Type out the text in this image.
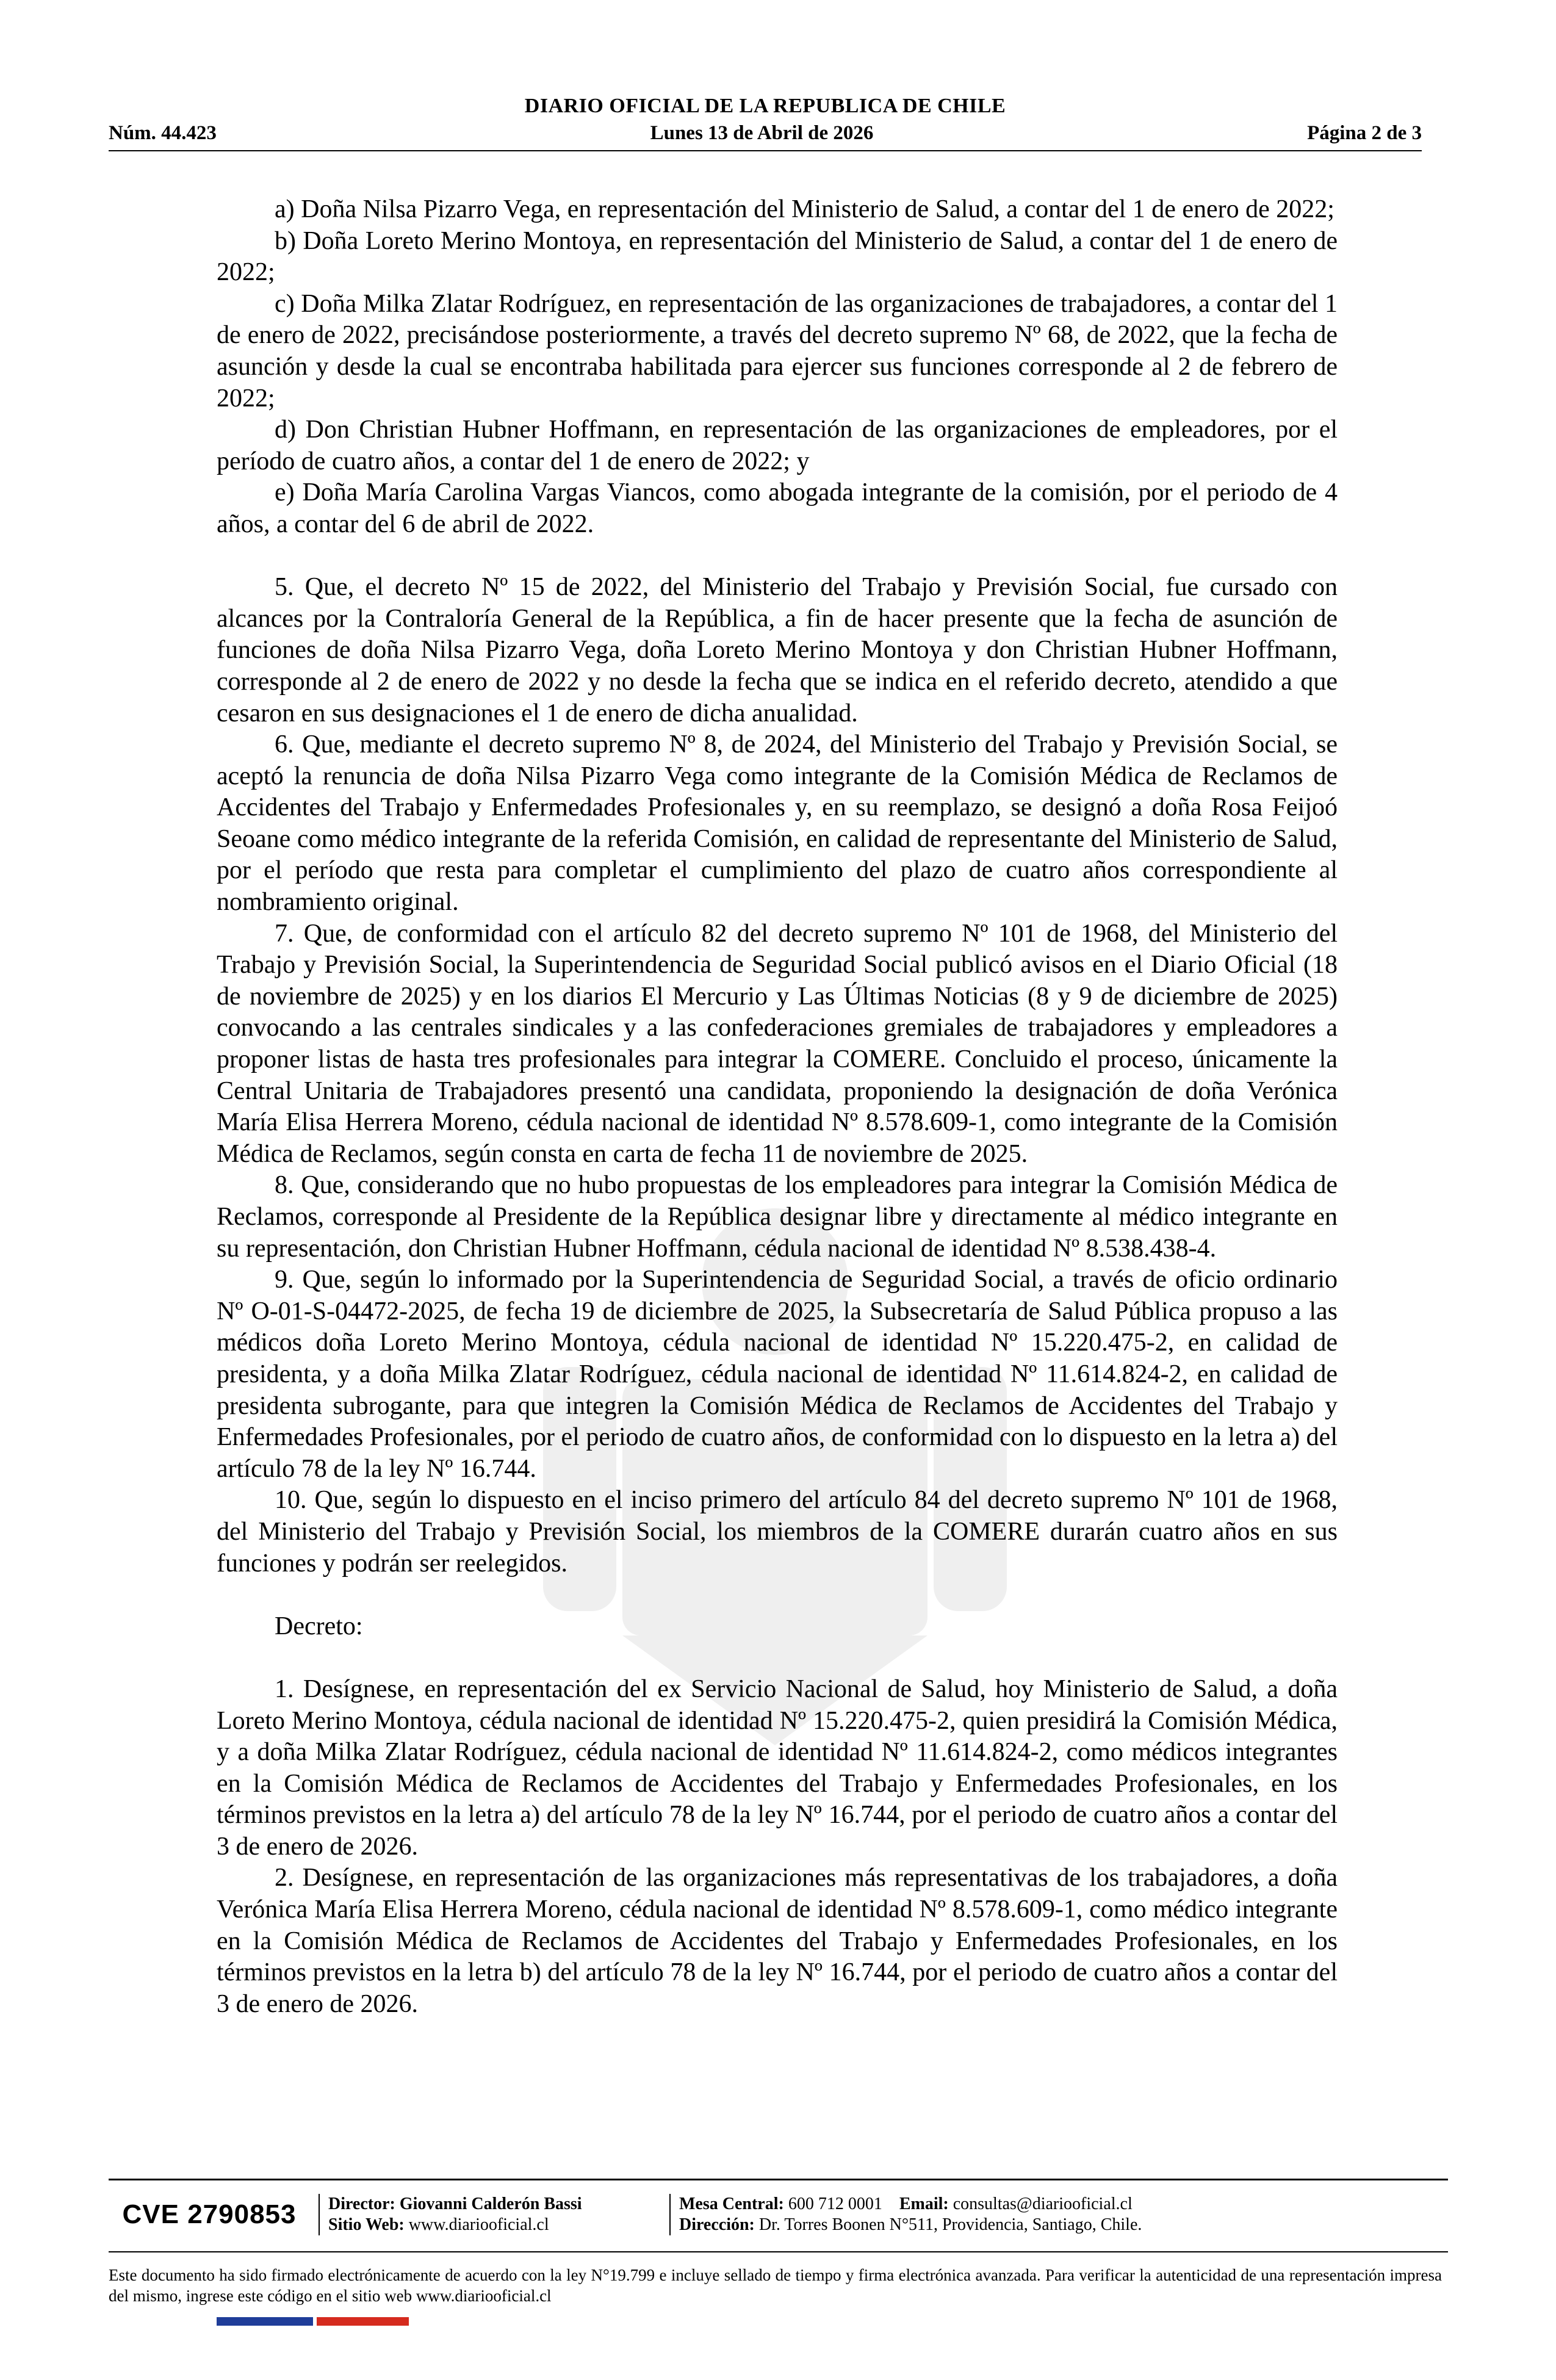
DIARIO OFICIAL DE LA REPUBLICA DE CHILE
Núm. 44.423	Lunes 13 de Abril de 2026	Página 2 de 3

a) Doña Nilsa Pizarro Vega, en representación del Ministerio de Salud, a contar del 1 de enero de 2022;

b) Doña Loreto Merino Montoya, en representación del Ministerio de Salud, a contar del 1 de enero de 2022;

c) Doña Milka Zlatar Rodríguez, en representación de las organizaciones de trabajadores, a contar del 1 de enero de 2022, precisándose posteriormente, a través del decreto supremo Nº 68, de 2022, que la fecha de asunción y desde la cual se encontraba habilitada para ejercer sus funciones corresponde al 2 de febrero de 2022;

d) Don Christian Hubner Hoffmann, en representación de las organizaciones de empleadores, por el período de cuatro años, a contar del 1 de enero de 2022; y

e) Doña María Carolina Vargas Viancos, como abogada integrante de la comisión, por el periodo de 4 años, a contar del 6 de abril de 2022.

5. Que, el decreto Nº 15 de 2022, del Ministerio del Trabajo y Previsión Social, fue cursado con alcances por la Contraloría General de la República, a fin de hacer presente que la fecha de asunción de funciones de doña Nilsa Pizarro Vega, doña Loreto Merino Montoya y don Christian Hubner Hoffmann, corresponde al 2 de enero de 2022 y no desde la fecha que se indica en el referido decreto, atendido a que cesaron en sus designaciones el 1 de enero de dicha anualidad.

6. Que, mediante el decreto supremo Nº 8, de 2024, del Ministerio del Trabajo y Previsión Social, se aceptó la renuncia de doña Nilsa Pizarro Vega como integrante de la Comisión Médica de Reclamos de Accidentes del Trabajo y Enfermedades Profesionales y, en su reemplazo, se designó a doña Rosa Feijoó Seoane como médico integrante de la referida Comisión, en calidad de representante del Ministerio de Salud, por el período que resta para completar el cumplimiento del plazo de cuatro años correspondiente al nombramiento original.

7. Que, de conformidad con el artículo 82 del decreto supremo Nº 101 de 1968, del Ministerio del Trabajo y Previsión Social, la Superintendencia de Seguridad Social publicó avisos en el Diario Oficial (18 de noviembre de 2025) y en los diarios El Mercurio y Las Últimas Noticias (8 y 9 de diciembre de 2025) convocando a las centrales sindicales y a las confederaciones gremiales de trabajadores y empleadores a proponer listas de hasta tres profesionales para integrar la COMERE. Concluido el proceso, únicamente la Central Unitaria de Trabajadores presentó una candidata, proponiendo la designación de doña Verónica María Elisa Herrera Moreno, cédula nacional de identidad Nº 8.578.609-1, como integrante de la Comisión Médica de Reclamos, según consta en carta de fecha 11 de noviembre de 2025.

8. Que, considerando que no hubo propuestas de los empleadores para integrar la Comisión Médica de Reclamos, corresponde al Presidente de la República designar libre y directamente al médico integrante en su representación, don Christian Hubner Hoffmann, cédula nacional de identidad Nº 8.538.438-4.

9. Que, según lo informado por la Superintendencia de Seguridad Social, a través de oficio ordinario Nº O-01-S-04472-2025, de fecha 19 de diciembre de 2025, la Subsecretaría de Salud Pública propuso a las médicos doña Loreto Merino Montoya, cédula nacional de identidad Nº 15.220.475-2, en calidad de presidenta, y a doña Milka Zlatar Rodríguez, cédula nacional de identidad Nº 11.614.824-2, en calidad de presidenta subrogante, para que integren la Comisión Médica de Reclamos de Accidentes del Trabajo y Enfermedades Profesionales, por el periodo de cuatro años, de conformidad con lo dispuesto en la letra a) del artículo 78 de la ley Nº 16.744.

10. Que, según lo dispuesto en el inciso primero del artículo 84 del decreto supremo Nº 101 de 1968, del Ministerio del Trabajo y Previsión Social, los miembros de la COMERE durarán cuatro años en sus funciones y podrán ser reelegidos.

Decreto:

1. Desígnese, en representación del ex Servicio Nacional de Salud, hoy Ministerio de Salud, a doña Loreto Merino Montoya, cédula nacional de identidad Nº 15.220.475-2, quien presidirá la Comisión Médica, y a doña Milka Zlatar Rodríguez, cédula nacional de identidad Nº 11.614.824-2, como médicos integrantes en la Comisión Médica de Reclamos de Accidentes del Trabajo y Enfermedades Profesionales, en los términos previstos en la letra a) del artículo 78 de la ley Nº 16.744, por el periodo de cuatro años a contar del 3 de enero de 2026.

2. Desígnese, en representación de las organizaciones más representativas de los trabajadores, a doña Verónica María Elisa Herrera Moreno, cédula nacional de identidad Nº 8.578.609-1, como médico integrante en la Comisión Médica de Reclamos de Accidentes del Trabajo y Enfermedades Profesionales, en los términos previstos en la letra b) del artículo 78 de la ley Nº 16.744, por el periodo de cuatro años a contar del 3 de enero de 2026.

CVE 2790853	Director: Giovanni Calderón Bassi
Sitio Web: www.diariooficial.cl
Mesa Central: 600 712 0001 Email: consultas@diariooficial.cl
Dirección: Dr. Torres Boonen N°511, Providencia, Santiago, Chile.
Este documento ha sido firmado electrónicamente de acuerdo con la ley N°19.799 e incluye sellado de tiempo y firma electrónica avanzada. Para verificar la autenticidad de una representación impresa del mismo, ingrese este código en el sitio web www.diariooficial.cl
